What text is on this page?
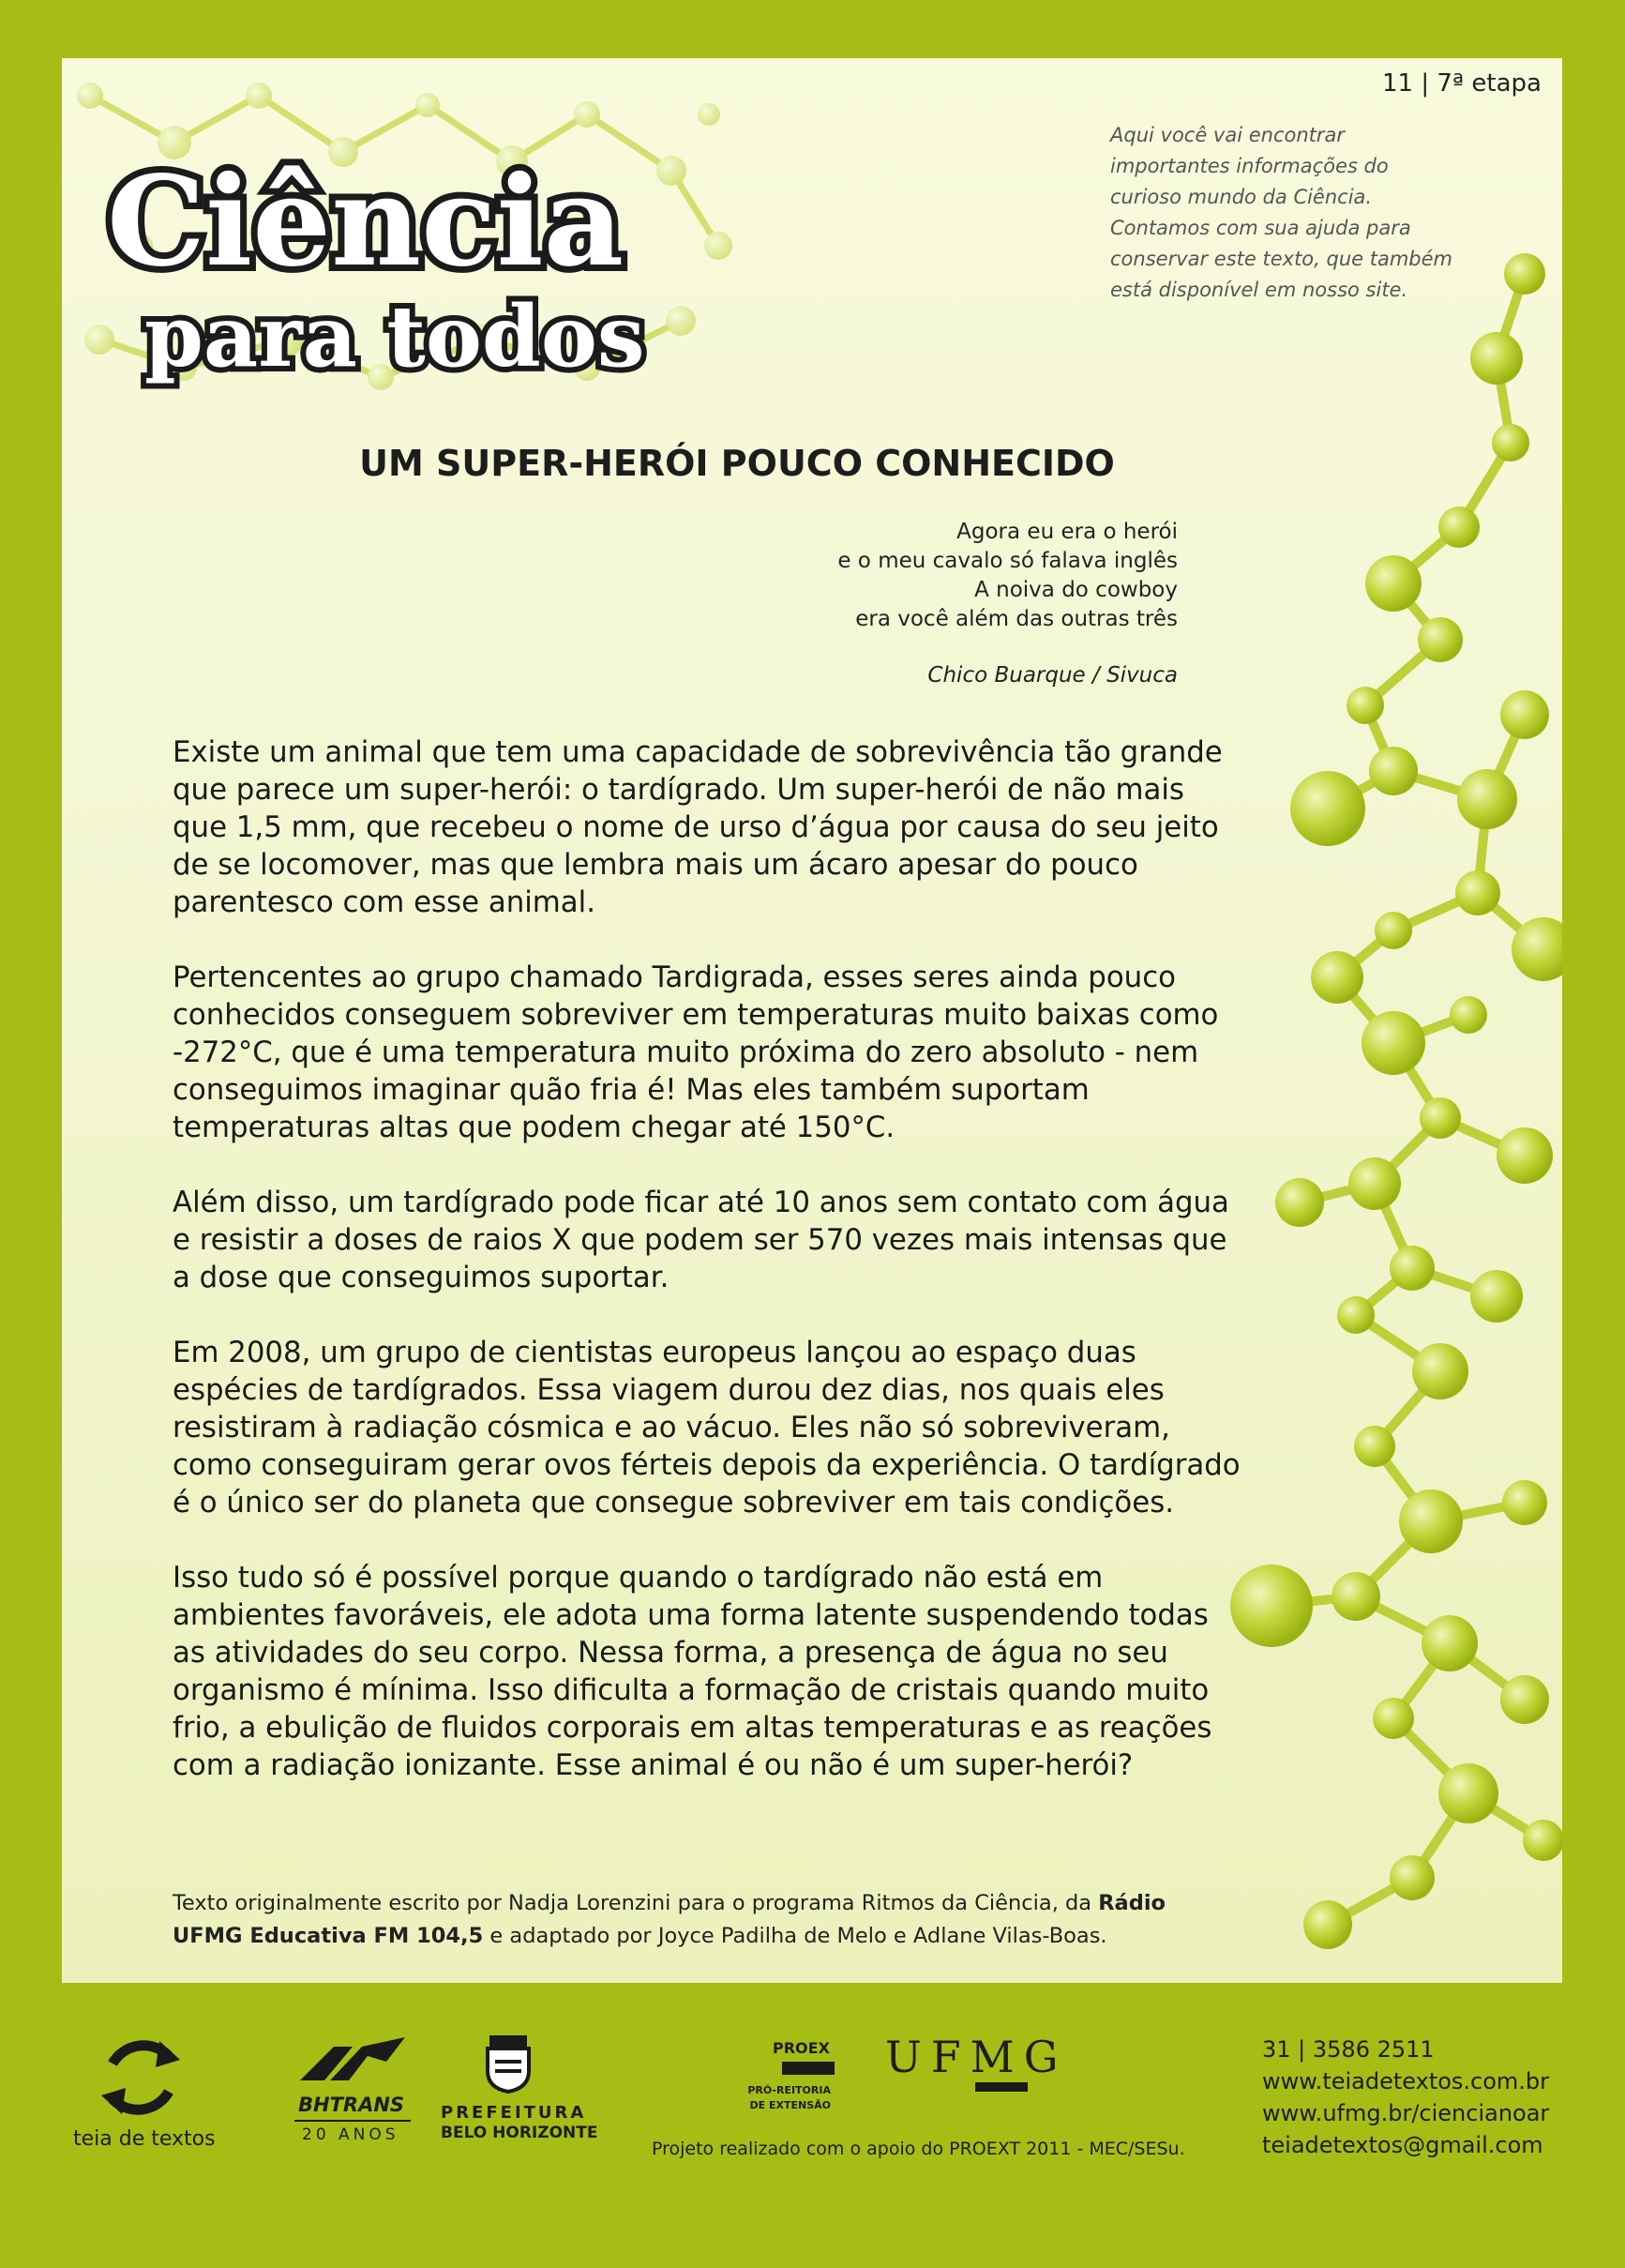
11 | 7ª etapa
Ciência
para todos

Aqui você vai encontrar
importantes informações do
curioso mundo da Ciência.
Contamos com sua ajuda para
conservar este texto, que também
está disponível em nosso site.

UM SUPER-HERÓI POUCO CONHECIDO
Agora eu era o herói
e o meu cavalo só falava inglês
A noiva do cowboy
era você além das outras três
Chico Buarque / Sivuca

Existe um animal que tem uma capacidade de sobrevivência tão grande que parece um super-herói: o tardígrado. Um super-herói de não mais que 1,5 mm, que recebeu o nome de urso d’água por causa do seu jeito de se locomover, mas que lembra mais um ácaro apesar do pouco parentesco com esse animal.

Pertencentes ao grupo chamado Tardigrada, esses seres ainda pouco conhecidos conseguem sobreviver em temperaturas muito baixas como -272°C, que é uma temperatura muito próxima do zero absoluto - nem conseguimos imaginar quão fria é! Mas eles também suportam temperaturas altas que podem chegar até 150°C.

Além disso, um tardígrado pode ficar até 10 anos sem contato com água e resistir a doses de raios X que podem ser 570 vezes mais intensas que a dose que conseguimos suportar.

Em 2008, um grupo de cientistas europeus lançou ao espaço duas espécies de tardígrados. Essa viagem durou dez dias, nos quais eles resistiram à radiação cósmica e ao vácuo. Eles não só sobreviveram, como conseguiram gerar ovos férteis depois da experiência. O tardígrado é o único ser do planeta que consegue sobreviver em tais condições.

Isso tudo só é possível porque quando o tardígrado não está em ambientes favoráveis, ele adota uma forma latente suspendendo todas as atividades do seu corpo. Nessa forma, a presença de água no seu organismo é mínima. Isso dificulta a formação de cristais quando muito frio, a ebulição de fluidos corporais em altas temperaturas e as reações com a radiação ionizante. Esse animal é ou não é um super-herói?

Texto originalmente escrito por Nadja Lorenzini para o programa Ritmos da Ciência, da Rádio UFMG Educativa FM 104,5 e adaptado por Joyce Padilha de Melo e Adlane Vilas-Boas.
teia de textos
BHTRANS
20 ANOS
PREFEITURA
BELO HORIZONTE
PROEX
PRÓ-REITORIA
DE EXTENSÃO
UFMG
Projeto realizado com o apoio do PROEXT 2011 - MEC/SESu.
31 | 3586 2511
www.teiadetextos.com.br
www.ufmg.br/ciencianoar
teiadetextos@gmail.com
